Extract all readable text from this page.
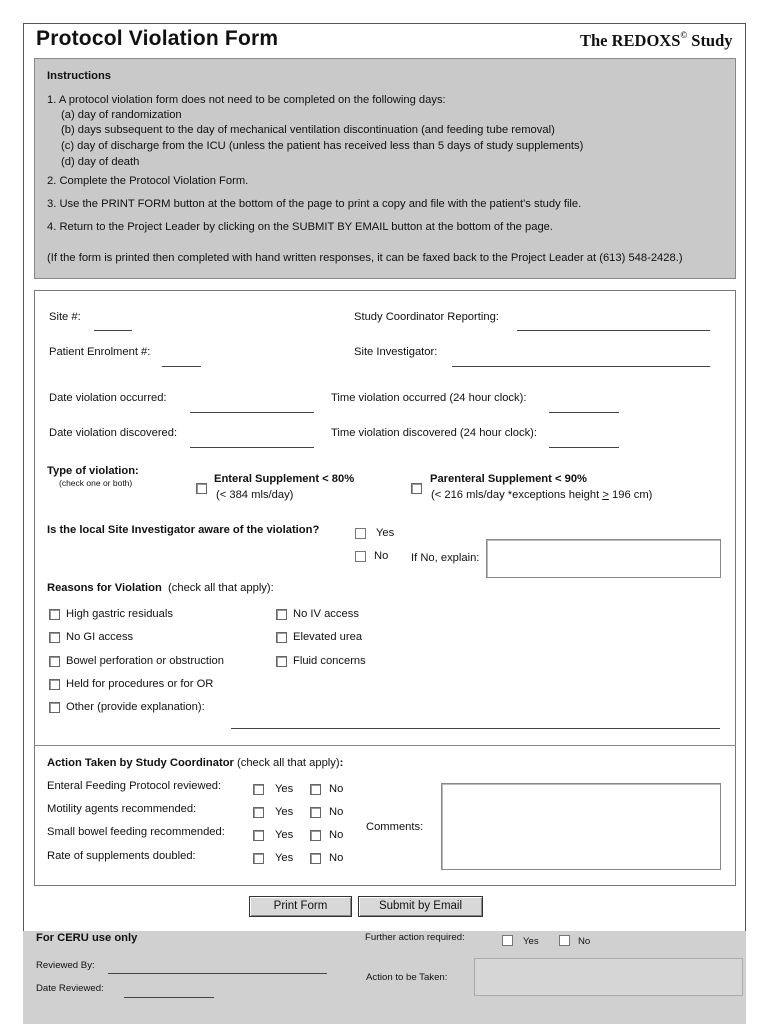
Protocol Violation Form	The REDOXS© Study
Instructions
1. A protocol violation form does not need to be completed on the following days:
(a) day of randomization
(b) days subsequent to the day of mechanical ventilation discontinuation (and feeding tube removal)
(c) day of discharge from the ICU (unless the patient has received less than 5 days of study supplements)
(d) day of death
2. Complete the Protocol Violation Form.
3. Use the PRINT FORM button at the bottom of the page to print a copy and file with the patient's study file.
4. Return to the Project Leader by clicking on the SUBMIT BY EMAIL button at the bottom of the page.
(If the form is printed then completed with hand written responses, it can be faxed back to the Project Leader at (613) 548-2428.)
Site #:	Study Coordinator Reporting:
Patient Enrolment #:	Site Investigator:
Date violation occurred:	Time violation occurred (24 hour clock):
Date violation discovered:	Time violation discovered (24 hour clock):
Type of violation:
(check one or both)	Enteral Supplement < 80%
(< 384 mls/day)
Parenteral Supplement < 90%
(< 216 mls/day *exceptions height ≥ 196 cm)
Is the local Site Investigator aware of the violation?	Yes
No If No, explain:
Reasons for Violation (check all that apply):
High gastric residuals
No GI access
Bowel perforation or obstruction
Held for procedures or for OR
Other (provide explanation):
No IV access
Elevated urea
Fluid concerns
Action Taken by Study Coordinator (check all that apply):
Enteral Feeding Protocol reviewed:	Yes	No
Motility agents recommended:	Yes	No
Small bowel feeding recommended:	Yes	No
Rate of supplements doubled:	Yes	No
Comments:
Print Form	Submit by Email
For CERU use only	Further action required:	Yes	No
Reviewed By:
Date Reviewed:
Action to be Taken:
